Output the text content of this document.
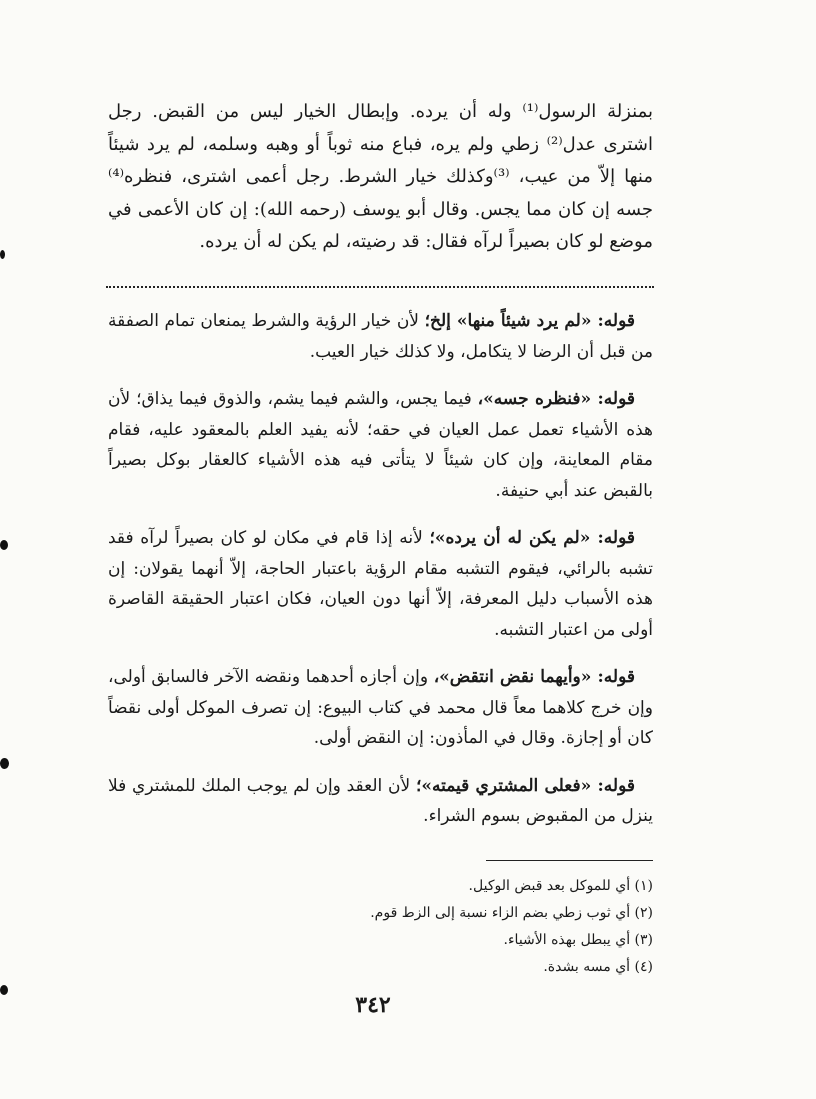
بمنزلة الرسول⁽¹⁾ وله أن يرده. وإبطال الخيار ليس من القبض. رجل اشترى عدل⁽²⁾ زطي ولم يره، فباع منه ثوباً أو وهبه وسلمه، لم يرد شيئاً منها إلاّ من عيب، ⁽³⁾وكذلك خيار الشرط. رجل أعمى اشترى، فنظره⁽⁴⁾ جسه إن كان مما يجس. وقال أبو يوسف (رحمه الله): إن كان الأعمى في موضع لو كان بصيراً لرآه فقال: قد رضيته، لم يكن له أن يرده.

قوله: «لم يرد شيئاً منها» إلخ؛ لأن خيار الرؤية والشرط يمنعان تمام الصفقة من قبل أن الرضا لا يتكامل، ولا كذلك خيار العيب.

قوله: «فنظره جسه»، فيما يجس، والشم فيما يشم، والذوق فيما يذاق؛ لأن هذه الأشياء تعمل عمل العيان في حقه؛ لأنه يفيد العلم بالمعقود عليه، فقام مقام المعاينة، وإن كان شيئاً لا يتأتى فيه هذه الأشياء كالعقار بوكل بصيراً بالقبض عند أبي حنيفة.

قوله: «لم يكن له أن يرده»؛ لأنه إذا قام في مكان لو كان بصيراً لرآه فقد تشبه بالرائي، فيقوم التشبه مقام الرؤية باعتبار الحاجة، إلاّ أنهما يقولان: إن هذه الأسباب دليل المعرفة، إلاّ أنها دون العيان، فكان اعتبار الحقيقة القاصرة أولى من اعتبار التشبه.

قوله: «وأيهما نقض انتقض»، وإن أجازه أحدهما ونقضه الآخر فالسابق أولى، وإن خرج كلاهما معاً قال محمد في كتاب البيوع: إن تصرف الموكل أولى نقضاً كان أو إجازة. وقال في المأذون: إن النقض أولى.

قوله: «فعلى المشتري قيمته»؛ لأن العقد وإن لم يوجب الملك للمشتري فلا ينزل من المقبوض بسوم الشراء.

(١) أي للموكل بعد قبض الوكيل.

(٢) أي ثوب زطي بضم الزاء نسبة إلى الزط قوم.

(٣) أي يبطل بهذه الأشياء.

(٤) أي مسه بشدة.

٣٤٢
